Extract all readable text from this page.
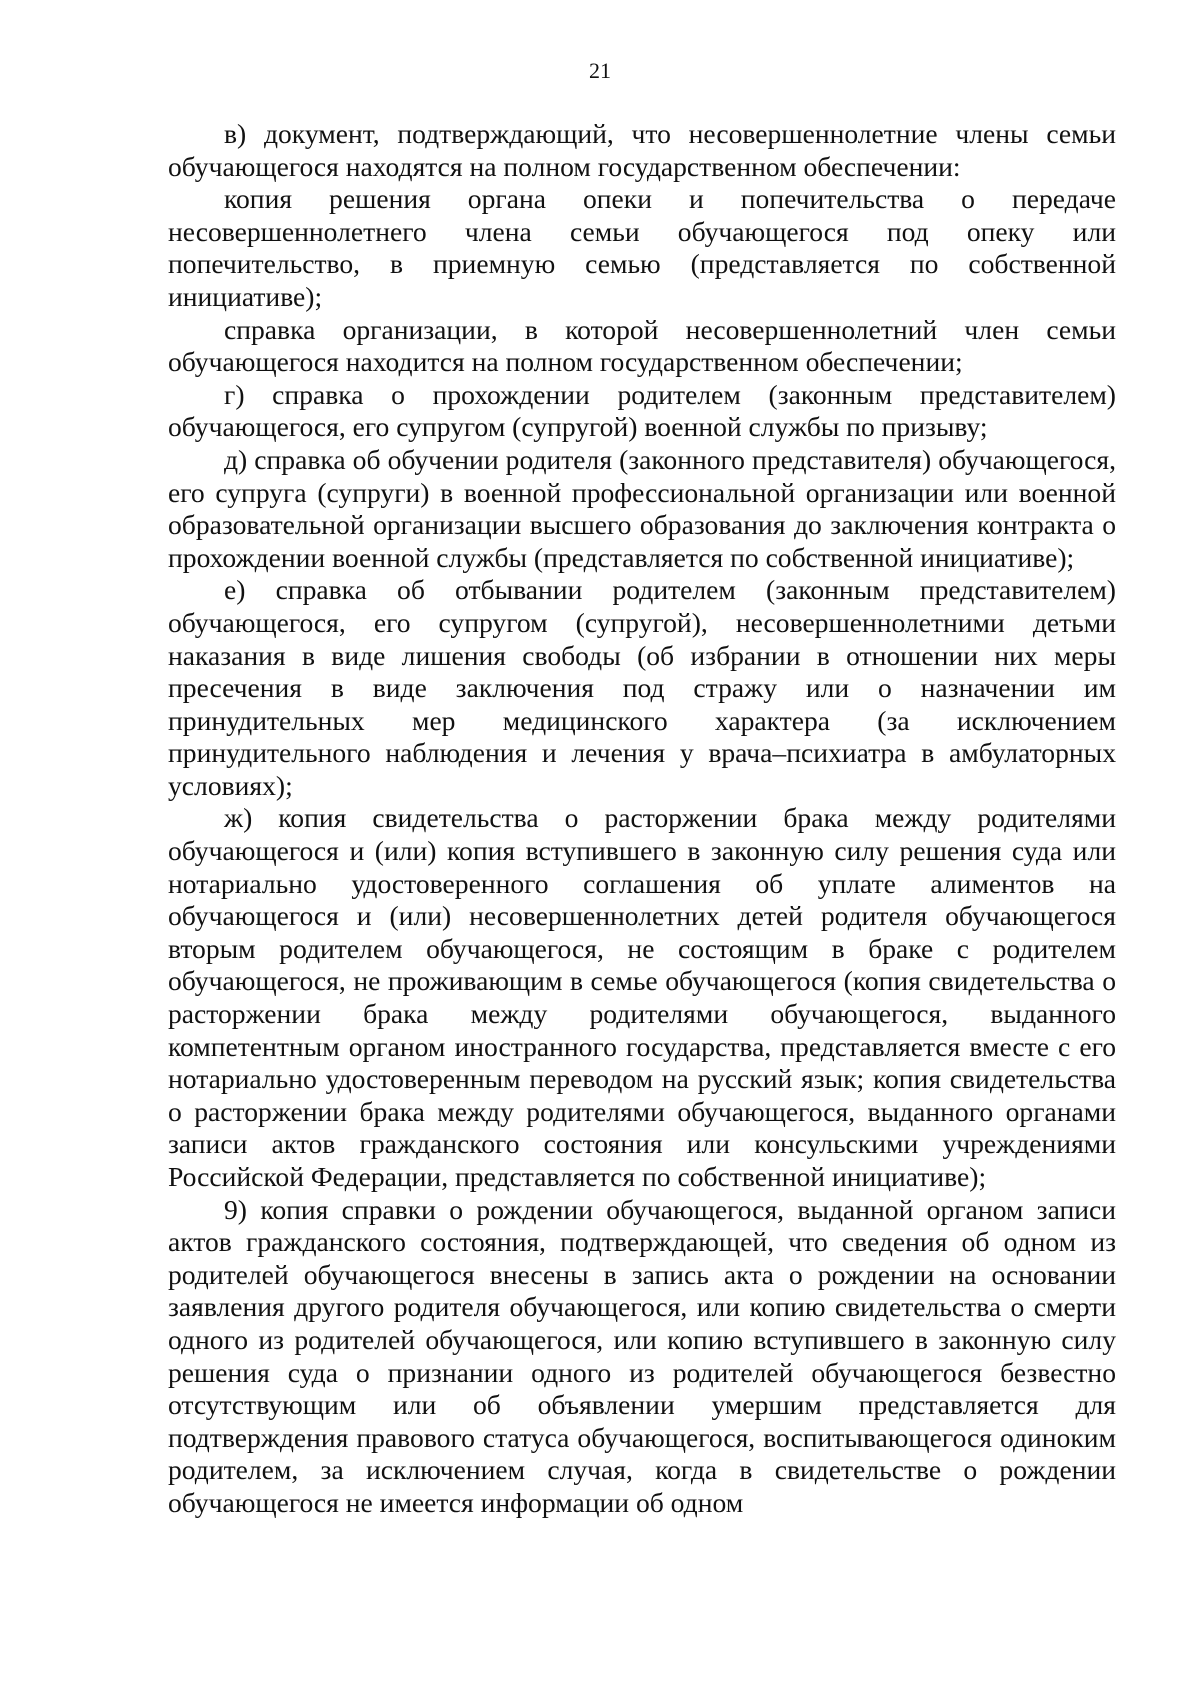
21

в) документ, подтверждающий, что несовершеннолетние члены семьи обучающегося находятся на полном государственном обеспечении:

копия решения органа опеки и попечительства о передаче несовершеннолетнего члена семьи обучающегося под опеку или попечительство, в приемную семью (представляется по собственной инициативе);

справка организации, в которой несовершеннолетний член семьи обучающегося находится на полном государственном обеспечении;

г) справка о прохождении родителем (законным представителем) обучающегося, его супругом (супругой) военной службы по призыву;

д) справка об обучении родителя (законного представителя) обучающегося, его супруга (супруги) в военной профессиональной организации или военной образовательной организации высшего образования до заключения контракта о прохождении военной службы (представляется по собственной инициативе);

е) справка об отбывании родителем (законным представителем) обучающегося, его супругом (супругой), несовершеннолетними детьми наказания в виде лишения свободы (об избрании в отношении них меры пресечения в виде заключения под стражу или о назначении им принудительных мер медицинского характера (за исключением принудительного наблюдения и лечения у врача–психиатра в амбулаторных условиях);

ж) копия свидетельства о расторжении брака между родителями обучающегося и (или) копия вступившего в законную силу решения суда или нотариально удостоверенного соглашения об уплате алиментов на обучающегося и (или) несовершеннолетних детей родителя обучающегося вторым родителем обучающегося, не состоящим в браке с родителем обучающегося, не проживающим в семье обучающегося (копия свидетельства о расторжении брака между родителями обучающегося, выданного компетентным органом иностранного государства, представляется вместе с его нотариально удостоверенным переводом на русский язык; копия свидетельства о расторжении брака между родителями обучающегося, выданного органами записи актов гражданского состояния или консульскими учреждениями Российской Федерации, представляется по собственной инициативе);

9) копия справки о рождении обучающегося, выданной органом записи актов гражданского состояния, подтверждающей, что сведения об одном из родителей обучающегося внесены в запись акта о рождении на основании заявления другого родителя обучающегося, или копию свидетельства о смерти одного из родителей обучающегося, или копию вступившего в законную силу решения суда о признании одного из родителей обучающегося безвестно отсутствующим или об объявлении умершим представляется для подтверждения правового статуса обучающегося, воспитывающегося одиноким родителем, за исключением случая, когда в свидетельстве о рождении обучающегося не имеется информации об одном
